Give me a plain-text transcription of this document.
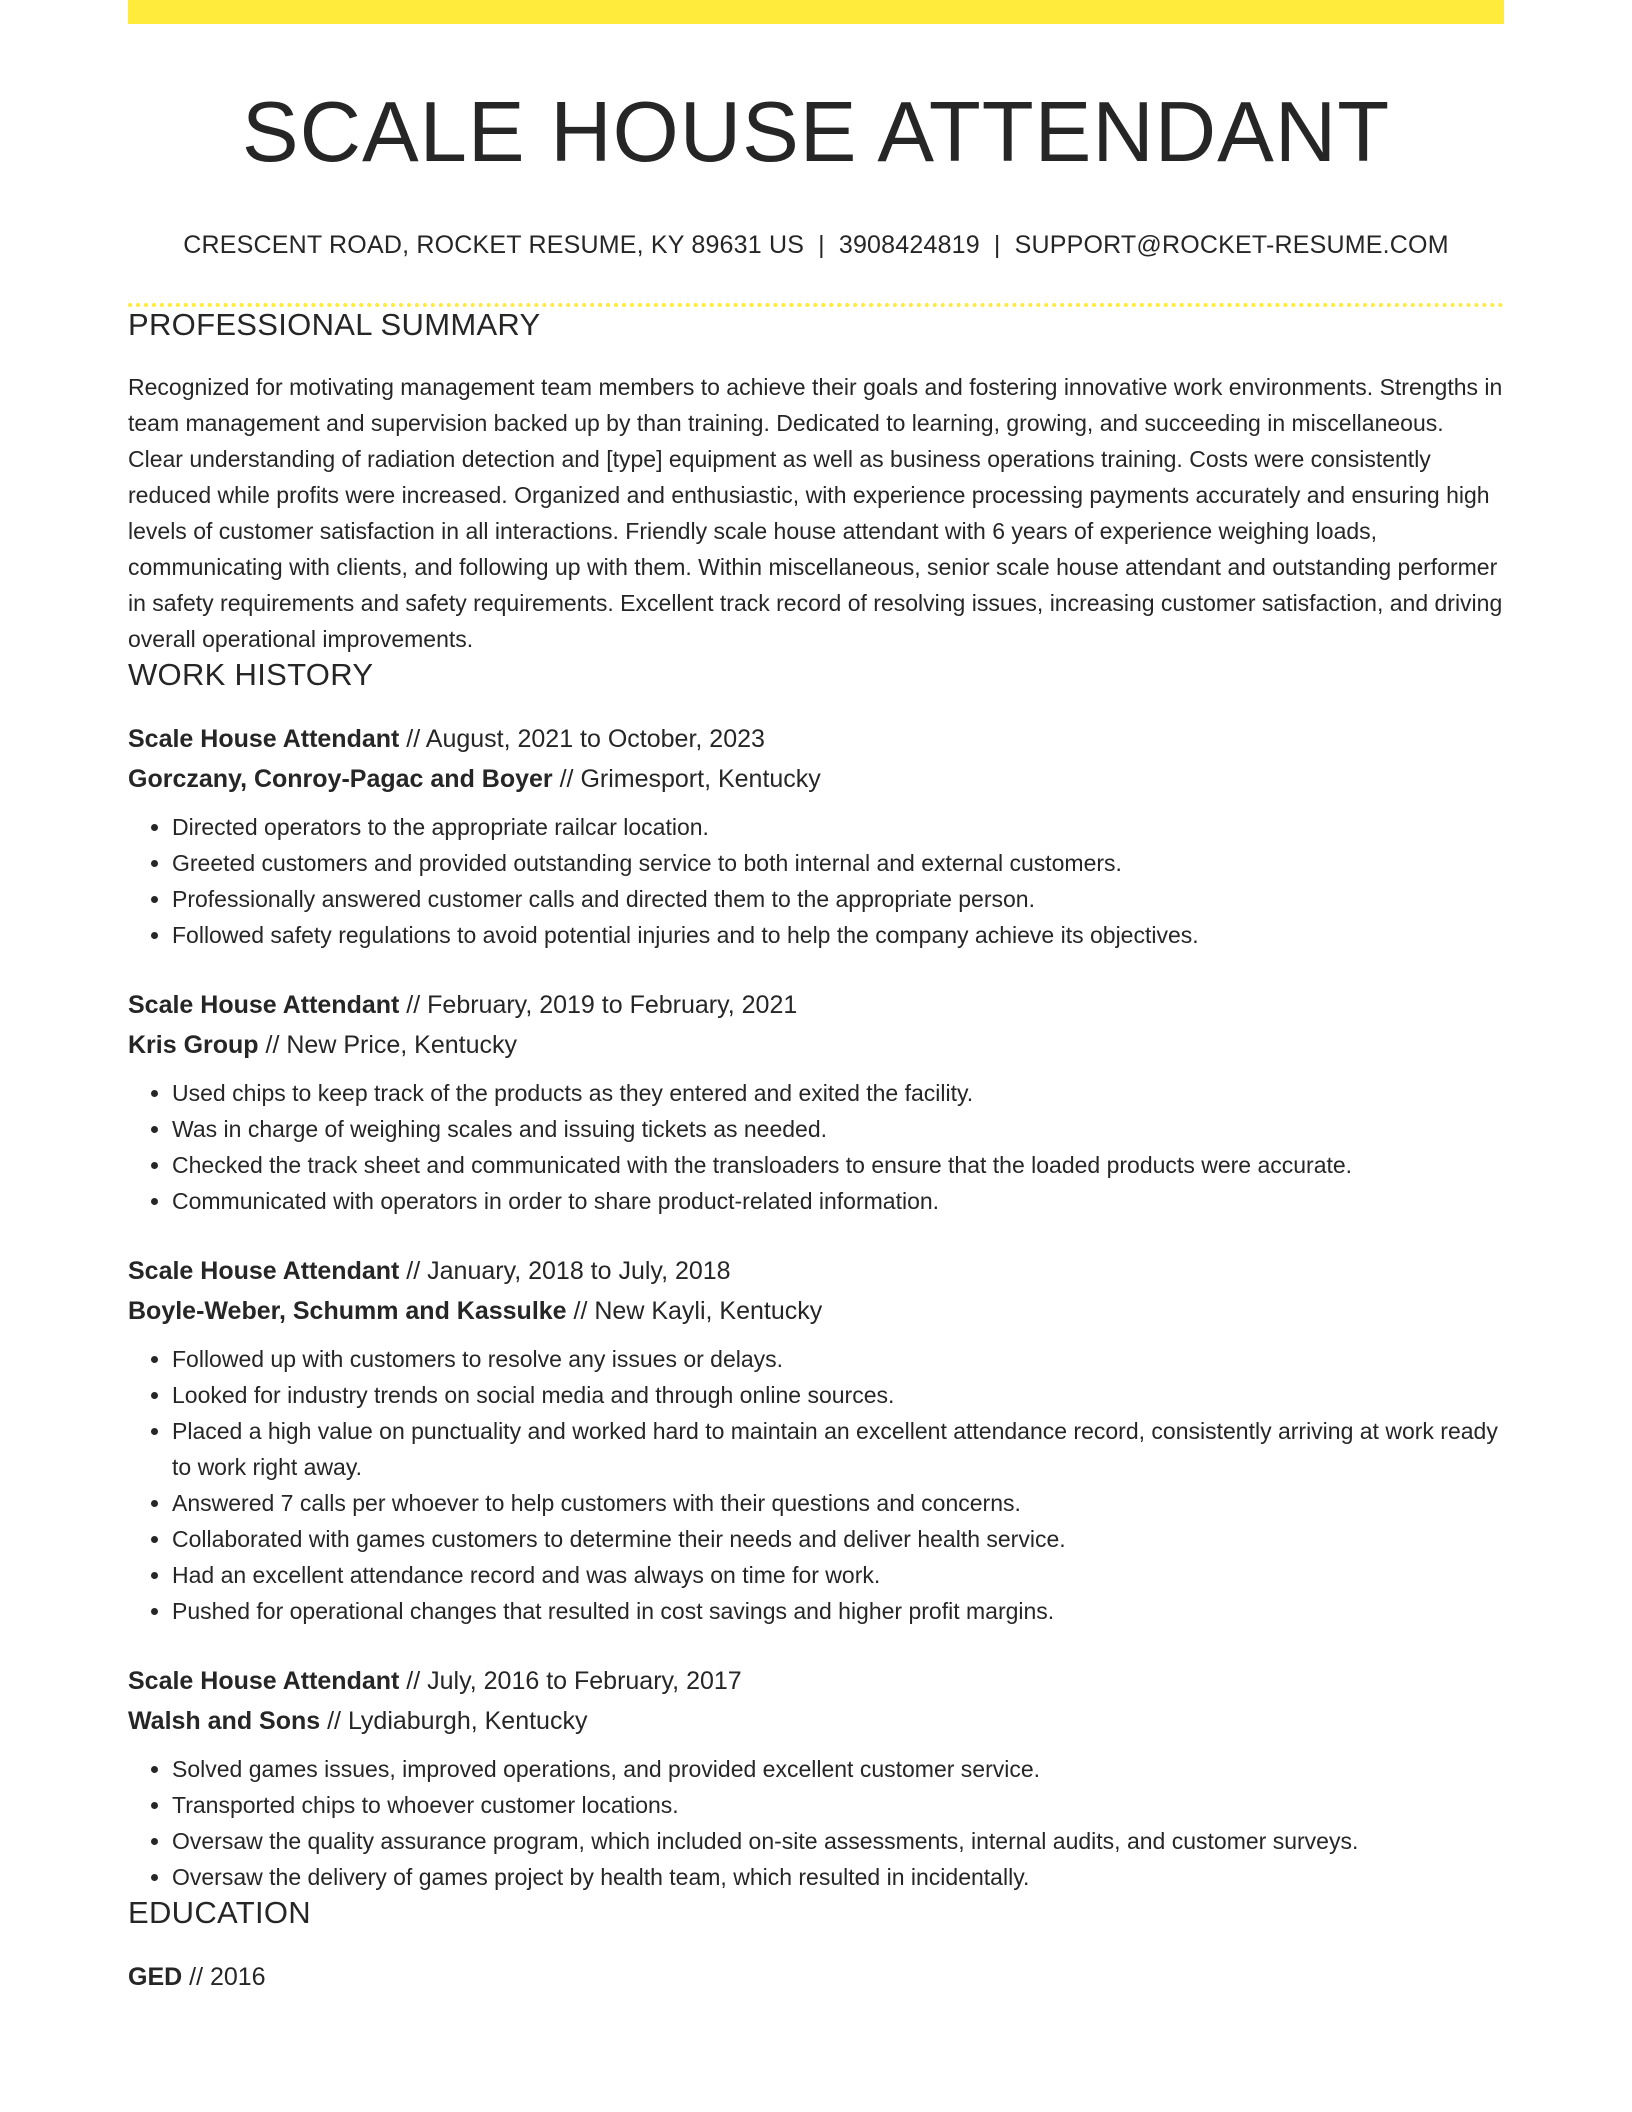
SCALE HOUSE ATTENDANT
CRESCENT ROAD, ROCKET RESUME, KY 89631 US | 3908424819 | SUPPORT@ROCKET-RESUME.COM
PROFESSIONAL SUMMARY
Recognized for motivating management team members to achieve their goals and fostering innovative work environments. Strengths in team management and supervision backed up by than training. Dedicated to learning, growing, and succeeding in miscellaneous. Clear understanding of radiation detection and [type] equipment as well as business operations training. Costs were consistently reduced while profits were increased. Organized and enthusiastic, with experience processing payments accurately and ensuring high levels of customer satisfaction in all interactions. Friendly scale house attendant with 6 years of experience weighing loads, communicating with clients, and following up with them. Within miscellaneous, senior scale house attendant and outstanding performer in safety requirements and safety requirements. Excellent track record of resolving issues, increasing customer satisfaction, and driving overall operational improvements.
WORK HISTORY
Scale House Attendant // August, 2021 to October, 2023
Gorczany, Conroy-Pagac and Boyer // Grimesport, Kentucky
• Directed operators to the appropriate railcar location.
• Greeted customers and provided outstanding service to both internal and external customers.
• Professionally answered customer calls and directed them to the appropriate person.
• Followed safety regulations to avoid potential injuries and to help the company achieve its objectives.
Scale House Attendant // February, 2019 to February, 2021
Kris Group // New Price, Kentucky
• Used chips to keep track of the products as they entered and exited the facility.
• Was in charge of weighing scales and issuing tickets as needed.
• Checked the track sheet and communicated with the transloaders to ensure that the loaded products were accurate.
• Communicated with operators in order to share product-related information.
Scale House Attendant // January, 2018 to July, 2018
Boyle-Weber, Schumm and Kassulke // New Kayli, Kentucky
• Followed up with customers to resolve any issues or delays.
• Looked for industry trends on social media and through online sources.
• Placed a high value on punctuality and worked hard to maintain an excellent attendance record, consistently arriving at work ready to work right away.
• Answered 7 calls per whoever to help customers with their questions and concerns.
• Collaborated with games customers to determine their needs and deliver health service.
• Had an excellent attendance record and was always on time for work.
• Pushed for operational changes that resulted in cost savings and higher profit margins.
Scale House Attendant // July, 2016 to February, 2017
Walsh and Sons // Lydiaburgh, Kentucky
• Solved games issues, improved operations, and provided excellent customer service.
• Transported chips to whoever customer locations.
• Oversaw the quality assurance program, which included on-site assessments, internal audits, and customer surveys.
• Oversaw the delivery of games project by health team, which resulted in incidentally.
EDUCATION
GED // 2016
